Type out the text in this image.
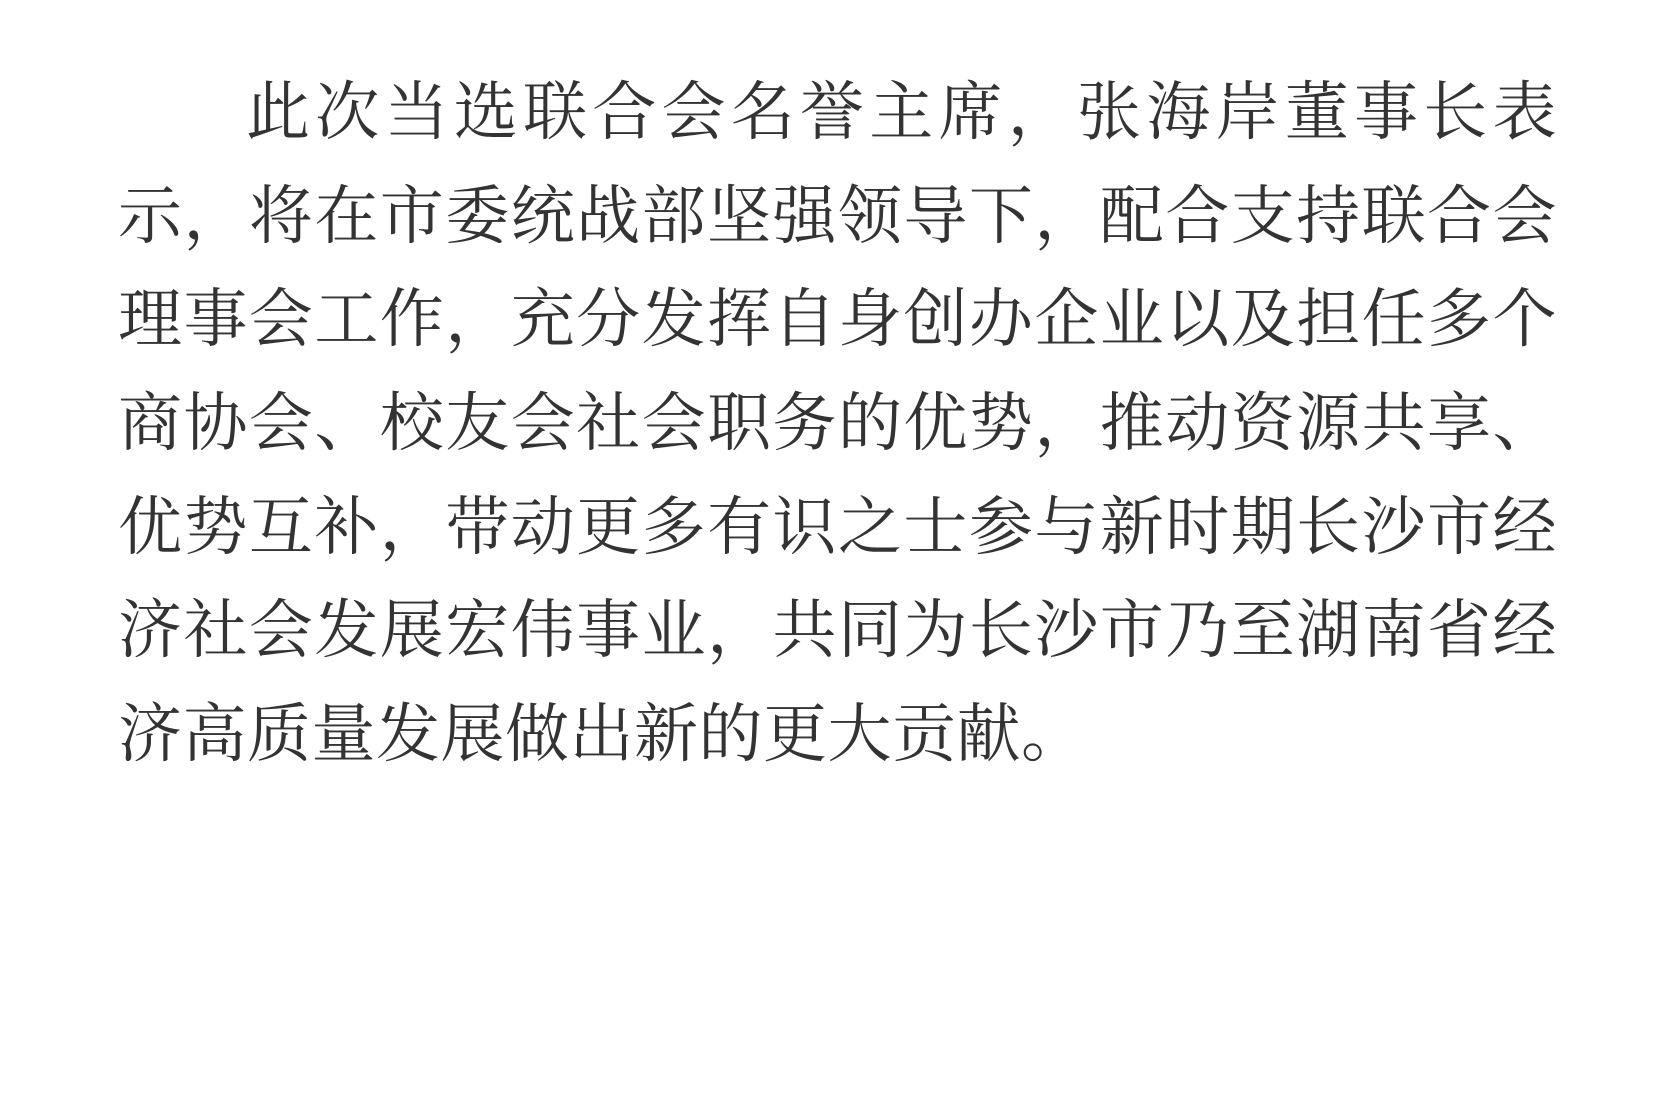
此次当选联合会名誉主席，张海岸董事长表示，将在市委统战部坚强领导下，配合支持联合会理事会工作，充分发挥自身创办企业以及担任多个商协会、校友会社会职务的优势，推动资源共享、优势互补，带动更多有识之士参与新时期长沙市经济社会发展宏伟事业，共同为长沙市乃至湖南省经济高质量发展做出新的更大贡献。
